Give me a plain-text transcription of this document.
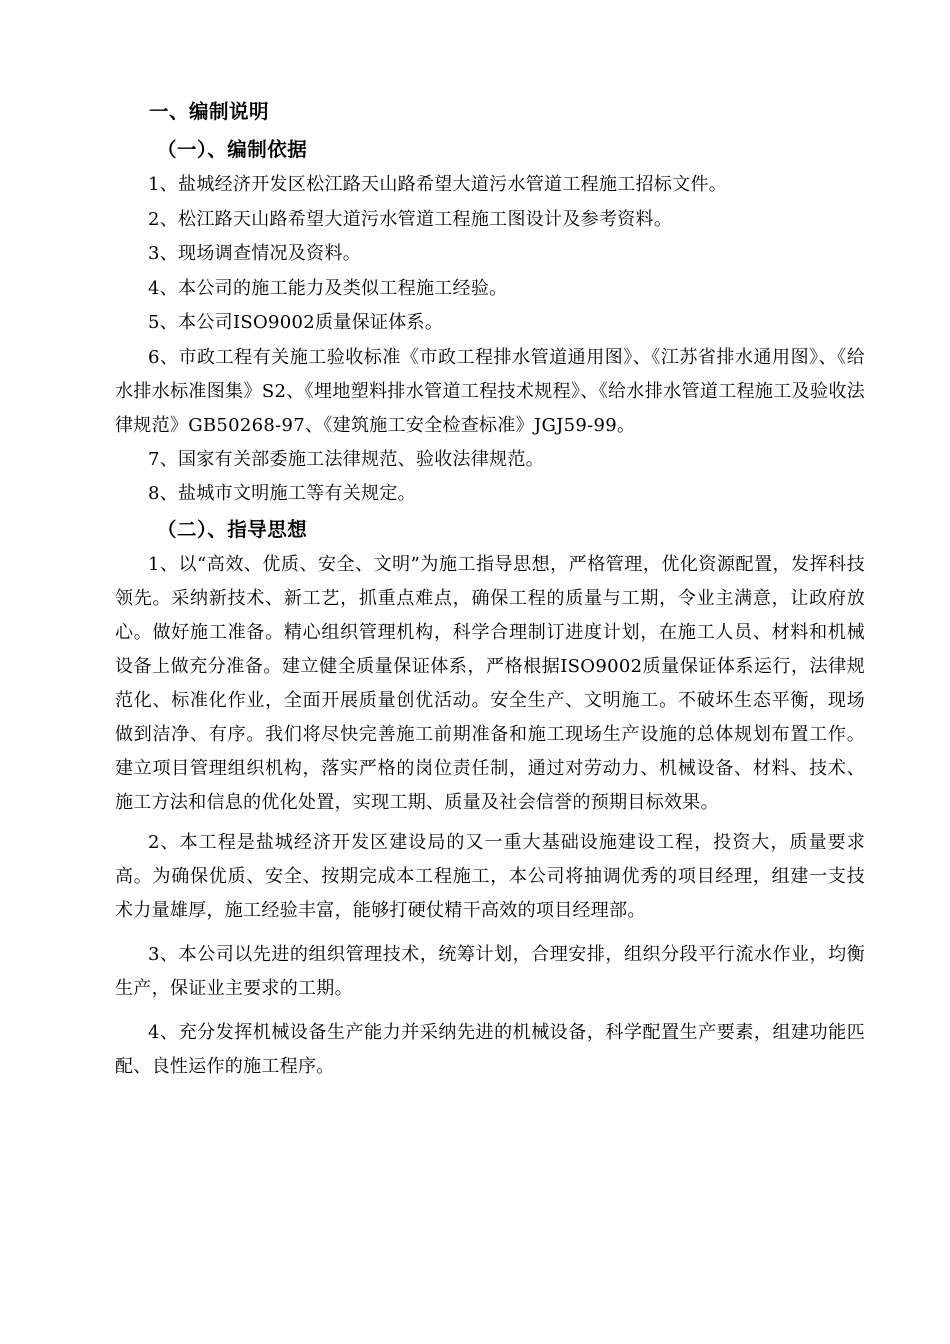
一、编制说明
（一）、编制依据
1、盐城经济开发区松江路天山路希望大道污水管道工程施工招标文件。
2、松江路天山路希望大道污水管道工程施工图设计及参考资料。
3、现场调查情况及资料。
4、本公司的施工能力及类似工程施工经验。
5、本公司ISO9002质量保证体系。
6、市政工程有关施工验收标准《市政工程排水管道通用图》、《江苏省排水通用图》、《给水排水标准图集》S2、《埋地塑料排水管道工程技术规程》、《给水排水管道工程施工及验收法律规范》GB50268-97、《建筑施工安全检查标准》JGJ59-99。
7、国家有关部委施工法律规范、验收法律规范。
8、盐城市文明施工等有关规定。
（二）、指导思想
1、以“高效、优质、安全、文明”为施工指导思想，严格管理，优化资源配置，发挥科技领先。采纳新技术、新工艺，抓重点难点，确保工程的质量与工期，令业主满意，让政府放心。做好施工准备。精心组织管理机构，科学合理制订进度计划，在施工人员、材料和机械设备上做充分准备。建立健全质量保证体系，严格根据ISO9002质量保证体系运行，法律规范化、标准化作业，全面开展质量创优活动。安全生产、文明施工。不破坏生态平衡，现场做到洁净、有序。我们将尽快完善施工前期准备和施工现场生产设施的总体规划布置工作。建立项目管理组织机构，落实严格的岗位责任制，通过对劳动力、机械设备、材料、技术、施工方法和信息的优化处置，实现工期、质量及社会信誉的预期目标效果。
2、本工程是盐城经济开发区建设局的又一重大基础设施建设工程，投资大，质量要求高。为确保优质、安全、按期完成本工程施工，本公司将抽调优秀的项目经理，组建一支技术力量雄厚，施工经验丰富，能够打硬仗精干高效的项目经理部。
3、本公司以先进的组织管理技术，统筹计划，合理安排，组织分段平行流水作业，均衡生产，保证业主要求的工期。
4、充分发挥机械设备生产能力并采纳先进的机械设备，科学配置生产要素，组建功能匹配、良性运作的施工程序。
